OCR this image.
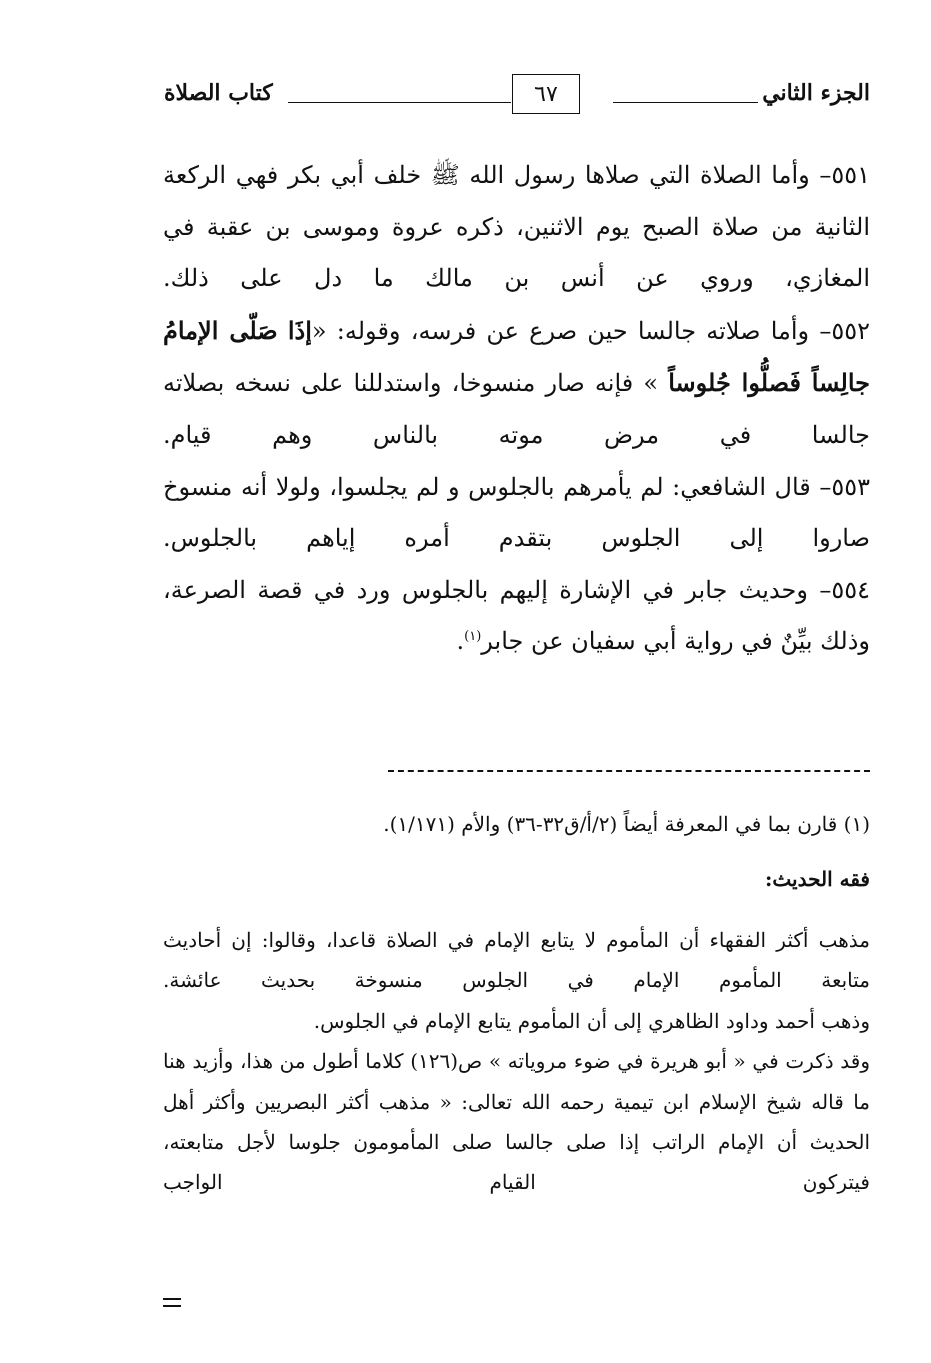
الجزء الثاني
٦٧
كتاب الصلاة

٥٥١– وأما الصلاة التي صلاها رسول الله ﷺ خلف أبي بكر فهي الركعة الثانية من صلاة الصبح يوم الاثنين، ذكره عروة وموسى بن عقبة في المغازي، وروي عن أنس بن مالك ما دل على ذلك.

٥٥٢– وأما صلاته جالسا حين صرع عن فرسه، وقوله: «إذَا صَلّى الإمامُ جالِساً فَصلُّوا جُلوساً » فإنه صار منسوخا، واستدللنا على نسخه بصلاته جالسا في مرض موته بالناس وهم قيام.

٥٥٣– قال الشافعي: لم يأمرهم بالجلوس و لم يجلسوا، ولولا أنه منسوخ صاروا إلى الجلوس بتقدم أمره إياهم بالجلوس.

٥٥٤– وحديث جابر في الإشارة إليهم بالجلوس ورد في قصة الصرعة، وذلك بيِّنٌ في رواية أبي سفيان عن جابر$^{(١)}$.

(١) قارن بما في المعرفة أيضاً (٢/أ/ق٣٢-٣٦) والأم (١/١٧١).
فقه الحديث:

مذهب أكثر الفقهاء أن المأموم لا يتابع الإمام في الصلاة قاعدا، وقالوا: إن أحاديث متابعة المأموم الإمام في الجلوس منسوخة بحديث عائشة.

وذهب أحمد وداود الظاهري إلى أن المأموم يتابع الإمام في الجلوس.

وقد ذكرت في « أبو هريرة في ضوء مروياته » ص(١٢٦) كلاما أطول من هذا، وأزيد هنا ما قاله شيخ الإسلام ابن تيمية رحمه الله تعالى: « مذهب أكثر البصريين وأكثر أهل الحديث أن الإمام الراتب إذا صلى جالسا صلى المأمومون جلوسا لأجل متابعته، فيتركون القيام الواجب
